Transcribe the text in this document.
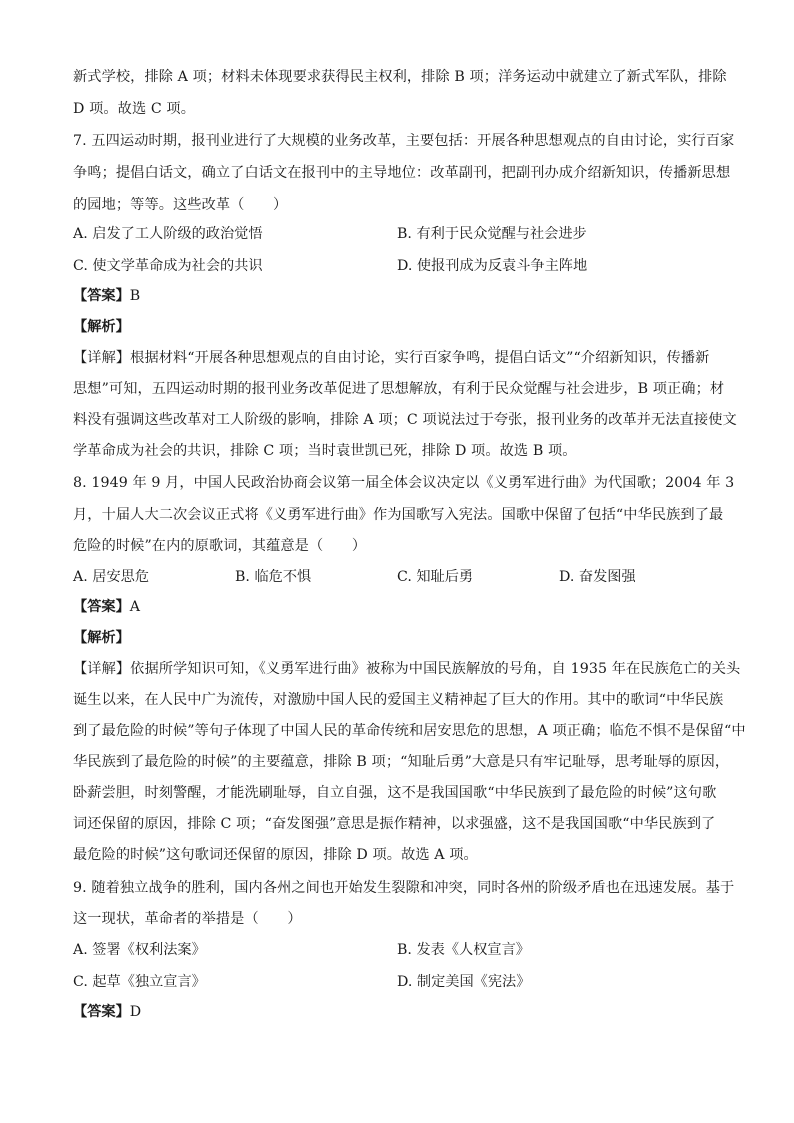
新式学校，排除 A 项；材料未体现要求获得民主权利，排除 B 项；洋务运动中就建立了新式军队，排除
D 项。故选 C 项。
7. 五四运动时期，报刊业进行了大规模的业务改革，主要包括：开展各种思想观点的自由讨论，实行百家
争鸣；提倡白话文，确立了白话文在报刊中的主导地位：改革副刊，把副刊办成介绍新知识，传播新思想
的园地；等等。这些改革（　　）
A. 启发了工人阶级的政治觉悟	B. 有利于民众觉醒与社会进步
C. 使文学革命成为社会的共识	D. 使报刊成为反袁斗争主阵地
【答案】B
【解析】
【详解】根据材料“开展各种思想观点的自由讨论，实行百家争鸣，提倡白话文”“介绍新知识，传播新
思想”可知，五四运动时期的报刊业务改革促进了思想解放，有利于民众觉醒与社会进步，B 项正确；材
料没有强调这些改革对工人阶级的影响，排除 A 项；C 项说法过于夸张，报刊业务的改革并无法直接使文
学革命成为社会的共识，排除 C 项；当时袁世凯已死，排除 D 项。故选 B 项。
8. 1949 年 9 月，中国人民政治协商会议第一届全体会议决定以《义勇军进行曲》为代国歌；2004 年 3
月，十届人大二次会议正式将《义勇军进行曲》作为国歌写入宪法。国歌中保留了包括“中华民族到了最
危险的时候”在内的原歌词，其蕴意是（　　）
A. 居安思危	B. 临危不惧	C. 知耻后勇	D. 奋发图强
【答案】A
【解析】
【详解】依据所学知识可知，《义勇军进行曲》被称为中国民族解放的号角，自 1935 年在民族危亡的关头
诞生以来，在人民中广为流传，对激励中国人民的爱国主义精神起了巨大的作用。其中的歌词“中华民族
到了最危险的时候”等句子体现了中国人民的革命传统和居安思危的思想，A 项正确；临危不惧不是保留“中
华民族到了最危险的时候”的主要蕴意，排除 B 项；“知耻后勇”大意是只有牢记耻辱，思考耻辱的原因，
卧薪尝胆，时刻警醒，才能洗刷耻辱，自立自强，这不是我国国歌“中华民族到了最危险的时候”这句歌
词还保留的原因，排除 C 项；“奋发图强”意思是振作精神，以求强盛，这不是我国国歌“中华民族到了
最危险的时候”这句歌词还保留的原因，排除 D 项。故选 A 项。
9. 随着独立战争的胜利，国内各州之间也开始发生裂隙和冲突，同时各州的阶级矛盾也在迅速发展。基于
这一现状，革命者的举措是（　　）
A. 签署《权利法案》	B. 发表《人权宣言》
C. 起草《独立宣言》	D. 制定美国《宪法》
【答案】D
